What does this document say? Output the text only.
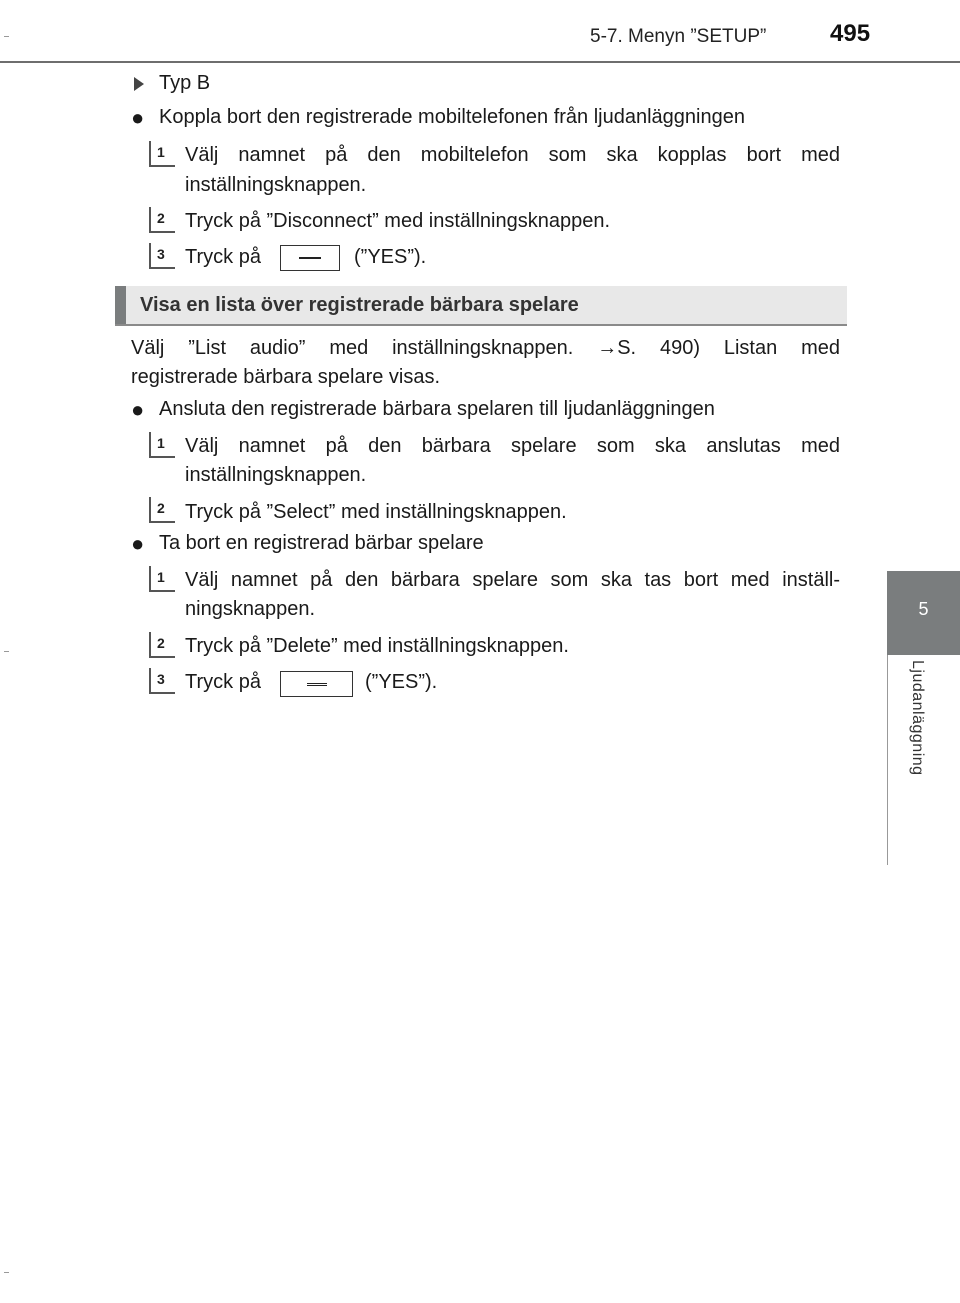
5-7. Menyn ”SETUP”	495
5
Ljudanläggning
Typ B
● Koppla bort den registrerade mobiltelefonen från ljudanläggningen
1 Välj namnet på den mobiltelefon som ska kopplas bort med
inställningsknappen.
2 Tryck på ”Disconnect” med inställningsknappen.
3 Tryck på	(”YES”).
Visa en lista över registrerade bärbara spelare
Välj ”List audio” med inställningsknappen. →S. 490) Listan med
registrerade bärbara spelare visas.
● Ansluta den registrerade bärbara spelaren till ljudanläggningen
1 Välj namnet på den bärbara spelare som ska anslutas med
inställningsknappen.
2 Tryck på ”Select” med inställningsknappen.
● Ta bort en registrerad bärbar spelare
1 Välj namnet på den bärbara spelare som ska tas bort med inställ-
ningsknappen.
2 Tryck på ”Delete” med inställningsknappen.
3 Tryck på	(”YES”).
